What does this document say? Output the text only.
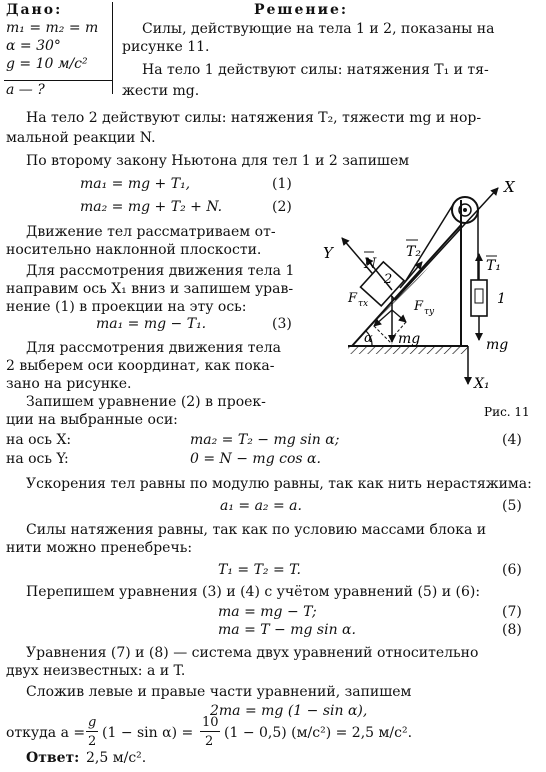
Дано:
m₁ = m₂ = m
α = 30°
g = 10 м/с²
a — ?
Решение:
Силы, действующие на тела 1 и 2, показаны на
рисунке 11.
На тело 1 действуют силы: натяжения T₁ и тя-
жести mg.
На тело 2 действуют силы: натяжения T₂, тяжести mg и нор-
мальной реакции N.
По второму закону Ньютона для тел 1 и 2 запишем
ma₁ = mg + T₁,	(1)
ma₂ = mg + T₂ + N.	(2)
Движение тел рассматриваем от-
носительно наклонной плоскости.
Для рассмотрения движения тела 1
направим ось X₁ вниз и запишем урав-
нение (1) в проекции на эту ось:
ma₁ = mg − T₁.	(3)
Для рассмотрения движения тела
2 выберем оси координат, как пока-
зано на рисунке.
Запишем уравнение (2) в проек-
ции на выбранные оси:
на ось X:	ma₂ = T₂ − mg sin α;	(4)
на ось Y:	0 = N − mg cos α.
Ускорения тел равны по модулю равны, так как нить нерастяжима:
a₁ = a₂ = a.	(5)
Силы натяжения равны, так как по условию массами блока и
нити можно пренебречь:
T₁ = T₂ = T.	(6)
Перепишем уравнения (3) и (4) с учётом уравнений (5) и (6):
ma = mg − T;	(7)
ma = T − mg sin α.	(8)
Уравнения (7) и (8) — система двух уравнений относительно
двух неизвестных: a и T.
Сложив левые и правые части уравнений, запишем
2ma = mg (1 − sin α),
откуда a =
g
2
(1 − sin α) =
10
2
(1 − 0,5) (м/с²) = 2,5 м/с².
Ответ: 2,5 м/с².
α
X
Y
2
N
T₂
F τx	F τy
mg
1
T₁
mg
X₁
Рис. 11
